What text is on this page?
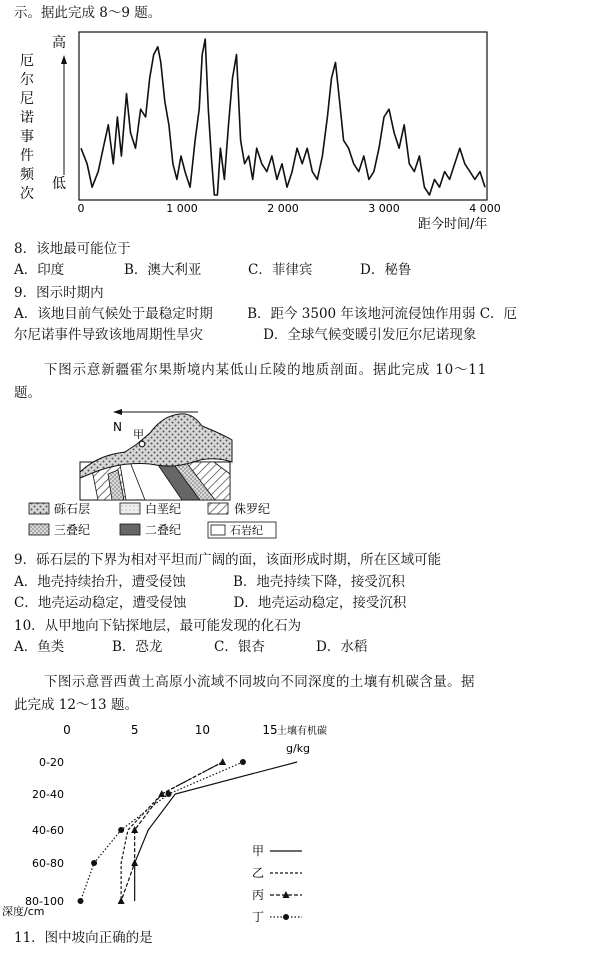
示。据此完成 8～9 题。
厄
尔
尼
诺
事
件
频
次
高
低
0	1 000	2 000	3 000	4 000
距今时间/年
8．该地最可能位于
A．印度	B．澳大利亚	C．菲律宾	D．秘鲁
9．图示时期内
A．该地目前气候处于最稳定时期        B．距今 3500 年该地河流侵蚀作用弱 C．厄
尔尼诺事件导致该地周期性旱灾              D．全球气候变暖引发厄尔尼诺现象
下图示意新疆霍尔果斯境内某低山丘陵的地质剖面。据此完成 10～11
题。
N
甲
砾石层	白垩纪	侏罗纪
三叠纪	二叠纪	石岩纪
9．砾石层的下界为相对平坦而广阔的面，该面形成时期，所在区域可能
A．地壳持续抬升，遭受侵蚀           B．地壳持续下降，接受沉积
C．地壳运动稳定，遭受侵蚀           D．地壳运动稳定，接受沉积
10．从甲地向下钻探地层，最可能发现的化石为
A．鱼类	B．恐龙	C．银杏	D．水稻
下图示意晋西黄土高原小流域不同坡向不同深度的土壤有机碳含量。据
此完成 12～13 题。
0	5	10	15 土壤有机碳
g/kg
0-20
20-40
40-60
60-80
80-100
深度/cm
甲
乙
丙
丁
11．图中坡向正确的是
